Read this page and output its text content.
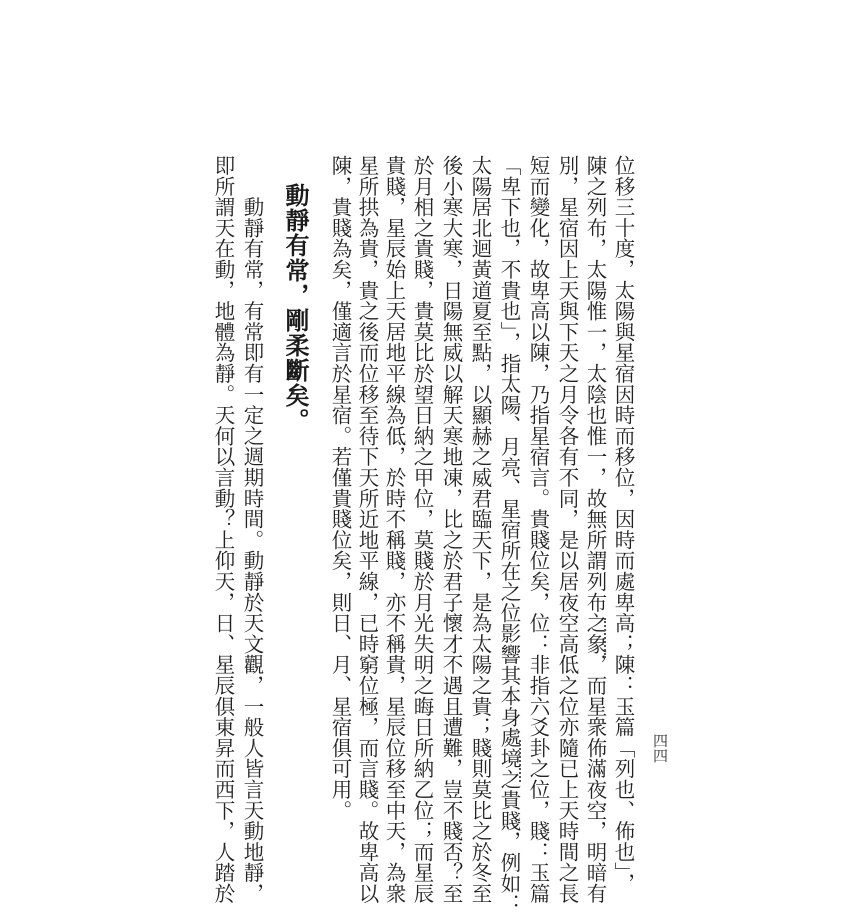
四四
位移三十度，太陽與星宿因時而移位，因時而處卑高；陳：玉篇「列也、佈也」，
陳之列布，太陽惟一，太陰也惟一，故無所謂列布之象，而星衆佈滿夜空，明暗有
別，星宿因上天與下天之月令各有不同，是以居夜空高低之位亦隨已上天時間之長
短而變化，故卑高以陳，乃指星宿言。貴賤位矣，位：非指六爻卦之位，賤：玉篇
「卑下也，不貴也」，指太陽、月亮、星宿所在之位影響其本身處境之貴賤，例如：
太陽居北迴黃道夏至點，以顯赫之威君臨天下，是為太陽之貴；賤則莫比之於冬至
後小寒大寒，日陽無威以解天寒地凍，比之於君子懷才不遇且遭難，豈不賤否？至
於月相之貴賤，貴莫比於望日納之甲位，莫賤於月光失明之晦日所納乙位；而星辰
貴賤，星辰始上天居地平線為低，於時不稱賤，亦不稱貴，星辰位移至中天，為衆
星所拱為貴，貴之後而位移至待下天所近地平線，已時窮位極，而言賤。故卑高以
陳，貴賤為矣，僅適言於星宿。若僅貴賤位矣，則日、月、星宿俱可用。
動靜有常，剛柔斷矣。
　　動靜有常，有常即有一定之週期時間。動靜於天文觀，一般人皆言天動地靜，
即所謂天在動，地體為靜。天何以言動？上仰天，日、星辰俱東昇而西下，人踏於
